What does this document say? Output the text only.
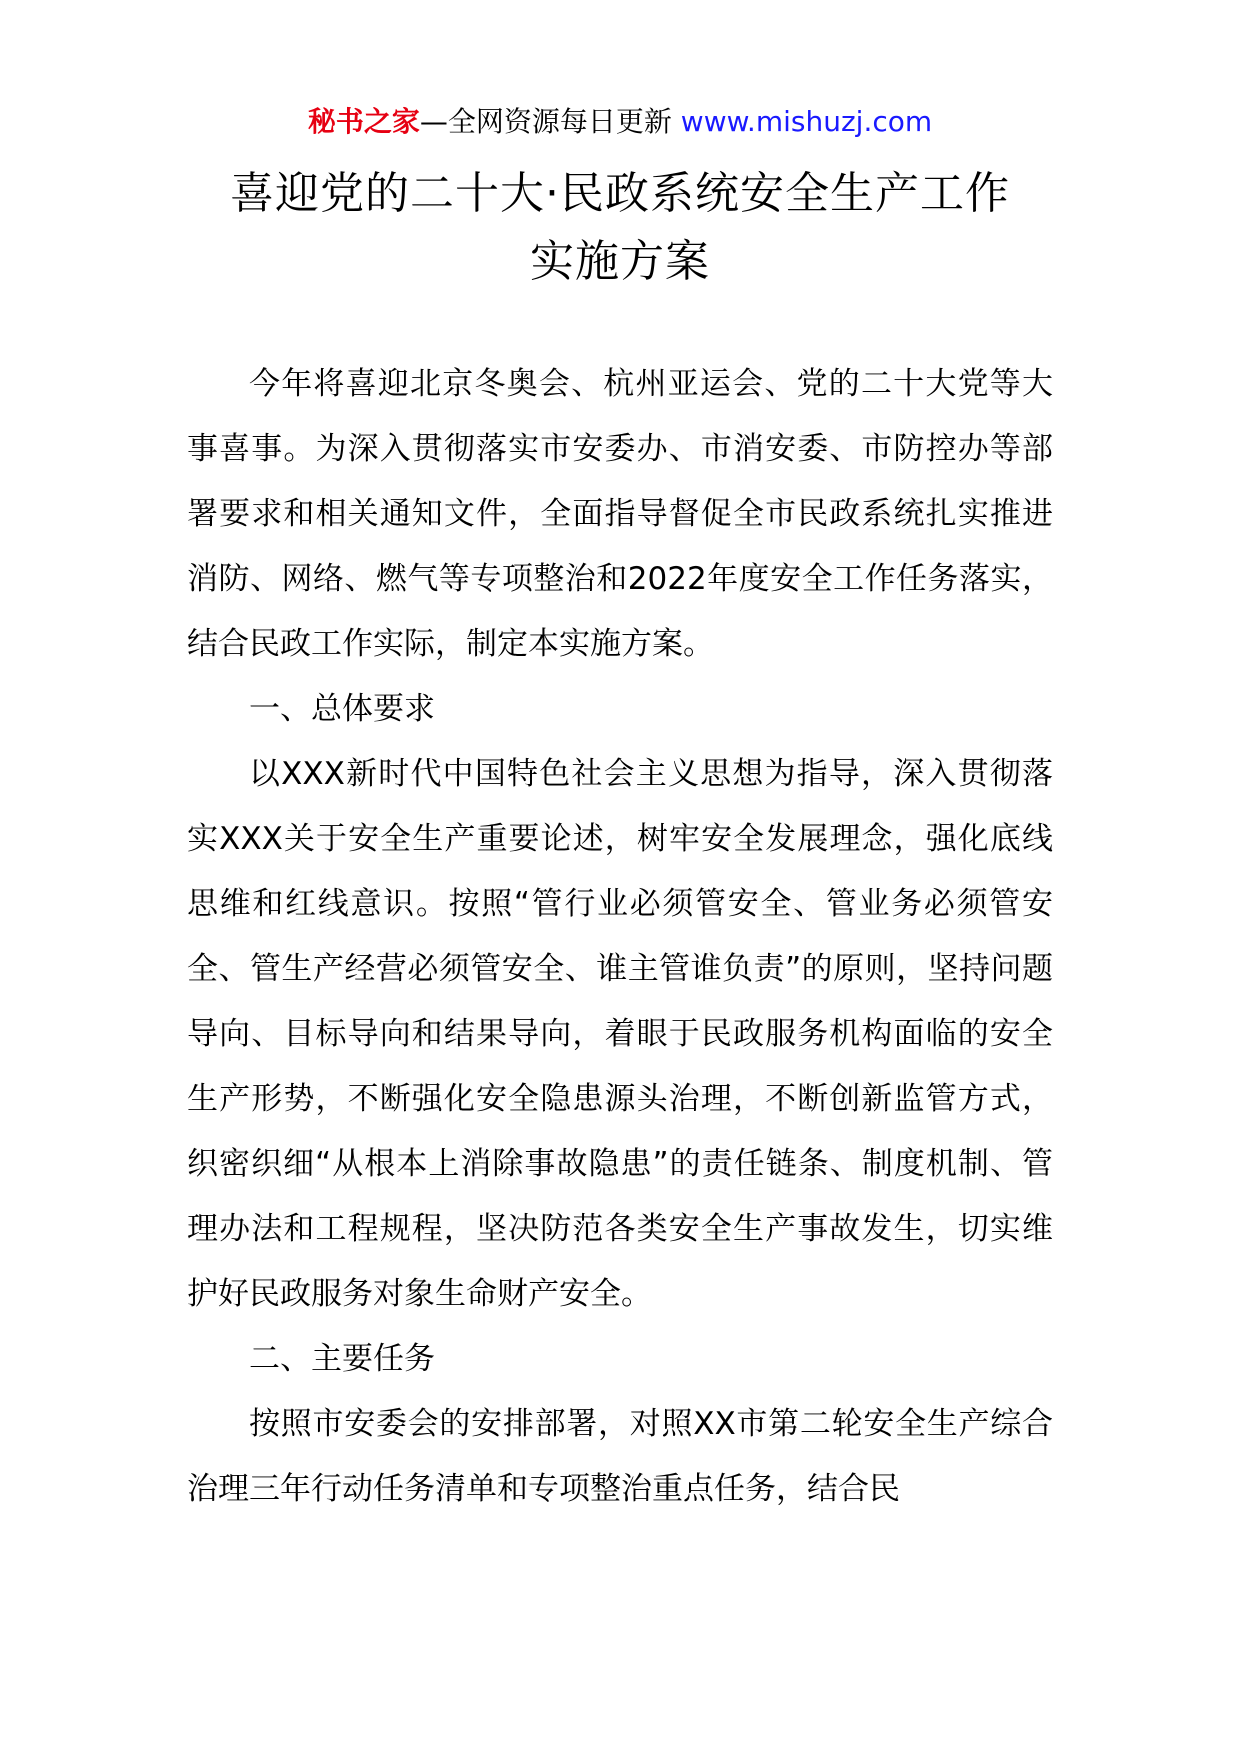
秘书之家—全网资源每日更新 www.mishuzj.com
喜迎党的二十大·民政系统安全生产工作
实施方案

今年将喜迎北京冬奥会、杭州亚运会、党的二十大党等大事喜事。为深入贯彻落实市安委办、市消安委、市防控办等部署要求和相关通知文件，全面指导督促全市民政系统扎实推进消防、网络、燃气等专项整治和2022年度安全工作任务落实，结合民政工作实际，制定本实施方案。

一、总体要求

以XXX新时代中国特色社会主义思想为指导，深入贯彻落实XXX关于安全生产重要论述，树牢安全发展理念，强化底线思维和红线意识。按照“管行业必须管安全、管业务必须管安全、管生产经营必须管安全、谁主管谁负责”的原则，坚持问题导向、目标导向和结果导向，着眼于民政服务机构面临的安全生产形势，不断强化安全隐患源头治理，不断创新监管方式，织密织细“从根本上消除事故隐患”的责任链条、制度机制、管理办法和工程规程，坚决防范各类安全生产事故发生，切实维护好民政服务对象生命财产安全。

二、主要任务

按照市安委会的安排部署，对照XX市第二轮安全生产综合治理三年行动任务清单和专项整治重点任务，结合民
